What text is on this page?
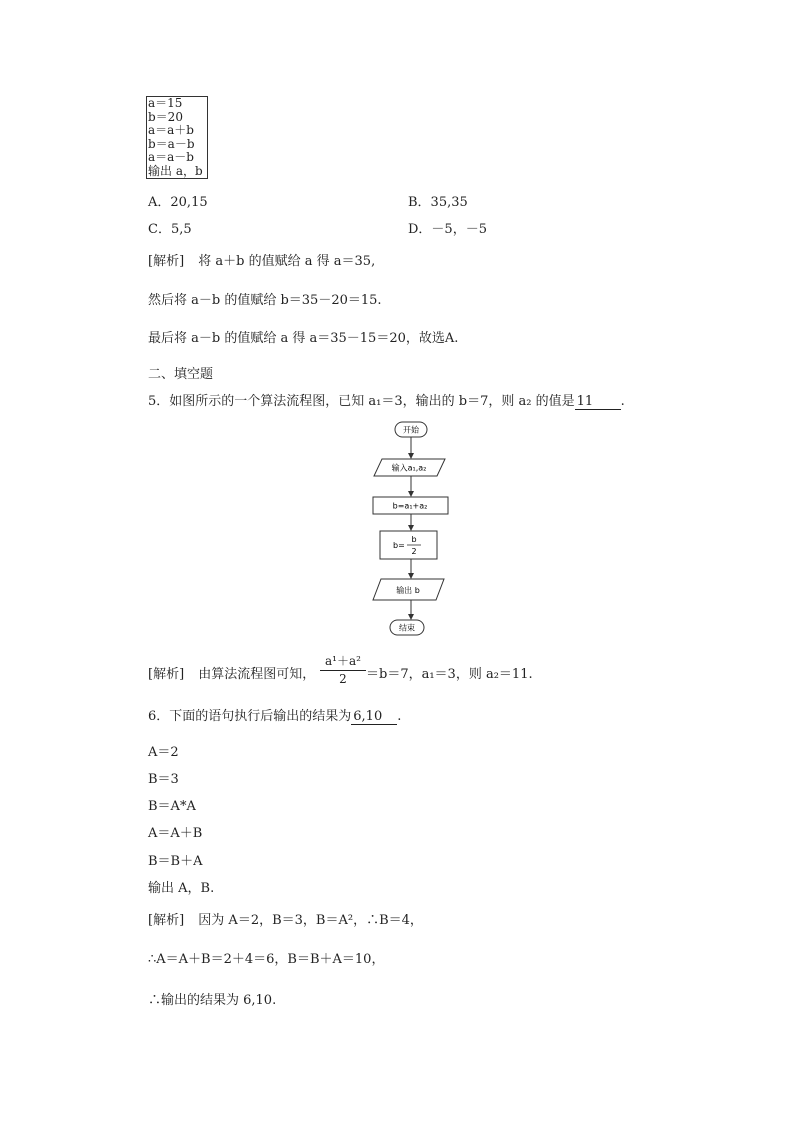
a＝15
b＝20
a＝a＋b
b＝a－b
a＝a－b
输出 a，b
A．20,15	B．35,35
C．5,5	D．－5，－5
[解析] 将 a＋b 的值赋给 a 得 a＝35,
然后将 a－b 的值赋给 b＝35－20＝15.
最后将 a－b 的值赋给 a 得 a＝35－15＝20，故选A.
二、填空题
5．如图所示的一个算法流程图，已知 a₁＝3，输出的 b＝7，则 a₂ 的值是 11 .
开始
输入a₁,a₂
b=a₁+a₂
b=
b
2
输出 b
结束
[解析] 由算法流程图可知， $\frac{\text{a¹＋a²}}{2} =b=7$，a₁＝3，则 a₂＝11.
6．下面的语句执行后输出的结果为 6,10 .
A＝2
B＝3
B＝A*A
A＝A＋B
B＝B＋A
输出 A，B.
[解析] 因为 A＝2，B＝3，B＝A²，∴B＝4，
∴A＝A＋B＝2＋4＝6，B＝B＋A＝10，
∴输出的结果为 6,10.
